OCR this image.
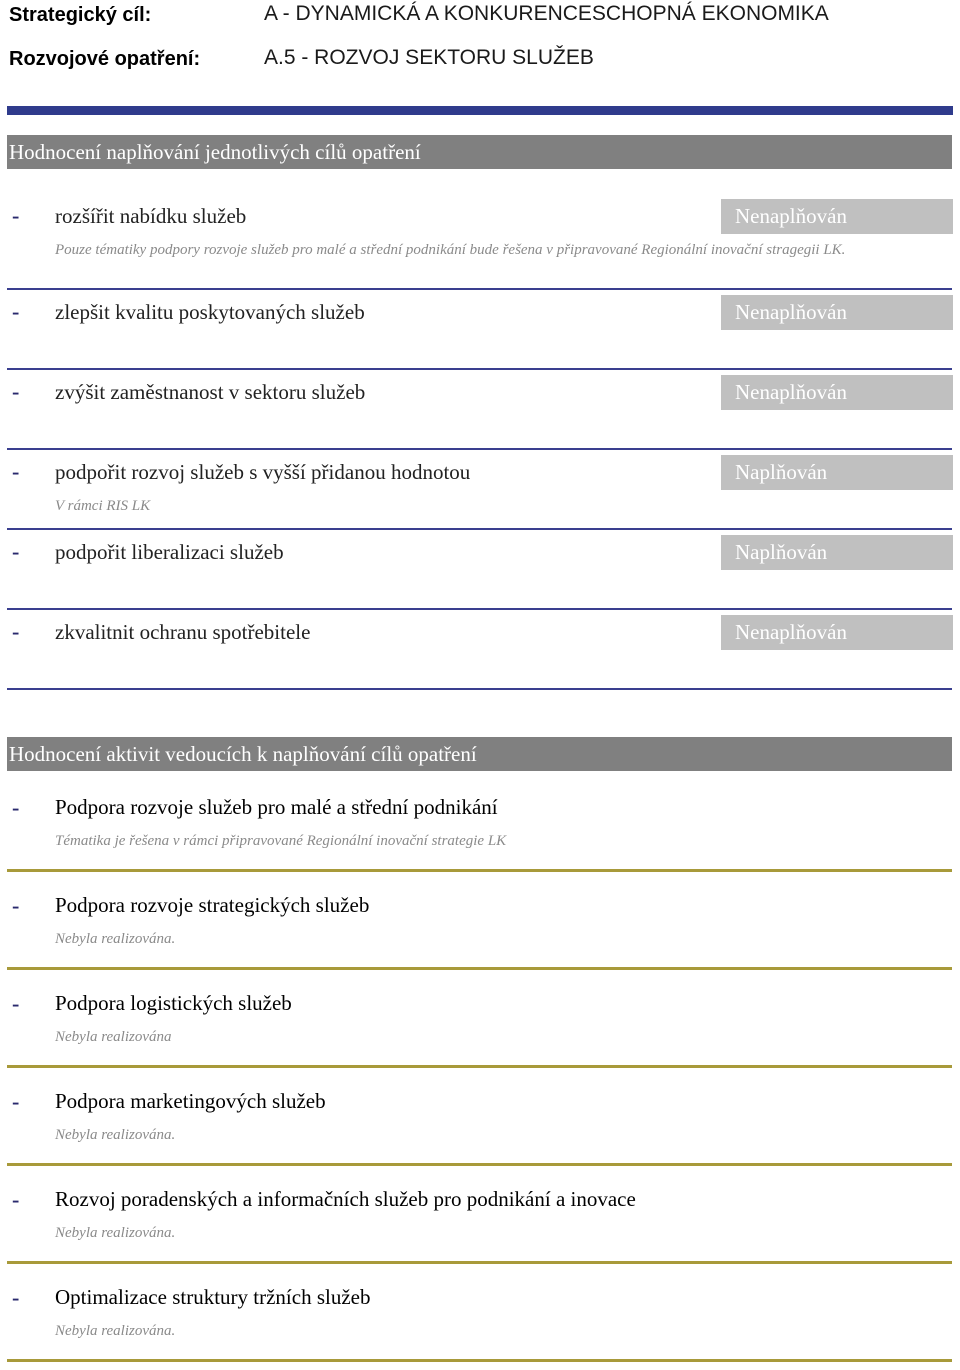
Strategický cíl:	A - DYNAMICKÁ A KONKURENCESCHOPNÁ EKONOMIKA
Rozvojové opatření:	A.5 - ROZVOJ SEKTORU SLUŽEB
Hodnocení naplňování jednotlivých cílů opatření
- rozšířit nabídku služeb	Nenaplňován
Pouze tématiky podpory rozvoje služeb pro malé a střední podnikání bude řešena v připravované Regionální inovační stragegii LK.
- zlepšit kvalitu poskytovaných služeb	Nenaplňován
- zvýšit zaměstnanost v sektoru služeb	Nenaplňován
- podpořit rozvoj služeb s vyšší přidanou hodnotou	Naplňován
V rámci RIS LK
- podpořit liberalizaci služeb	Naplňován
- zkvalitnit ochranu spotřebitele	Nenaplňován
Hodnocení aktivit vedoucích k naplňování cílů opatření
- Podpora rozvoje služeb pro malé a střední podnikání
Tématika je řešena v rámci připravované Regionální inovační strategie LK
- Podpora rozvoje strategických služeb
Nebyla realizována.
- Podpora logistických služeb
Nebyla realizována
- Podpora marketingových služeb
Nebyla realizována.
- Rozvoj poradenských a informačních služeb pro podnikání a inovace
Nebyla realizována.
- Optimalizace struktury tržních služeb
Nebyla realizována.
